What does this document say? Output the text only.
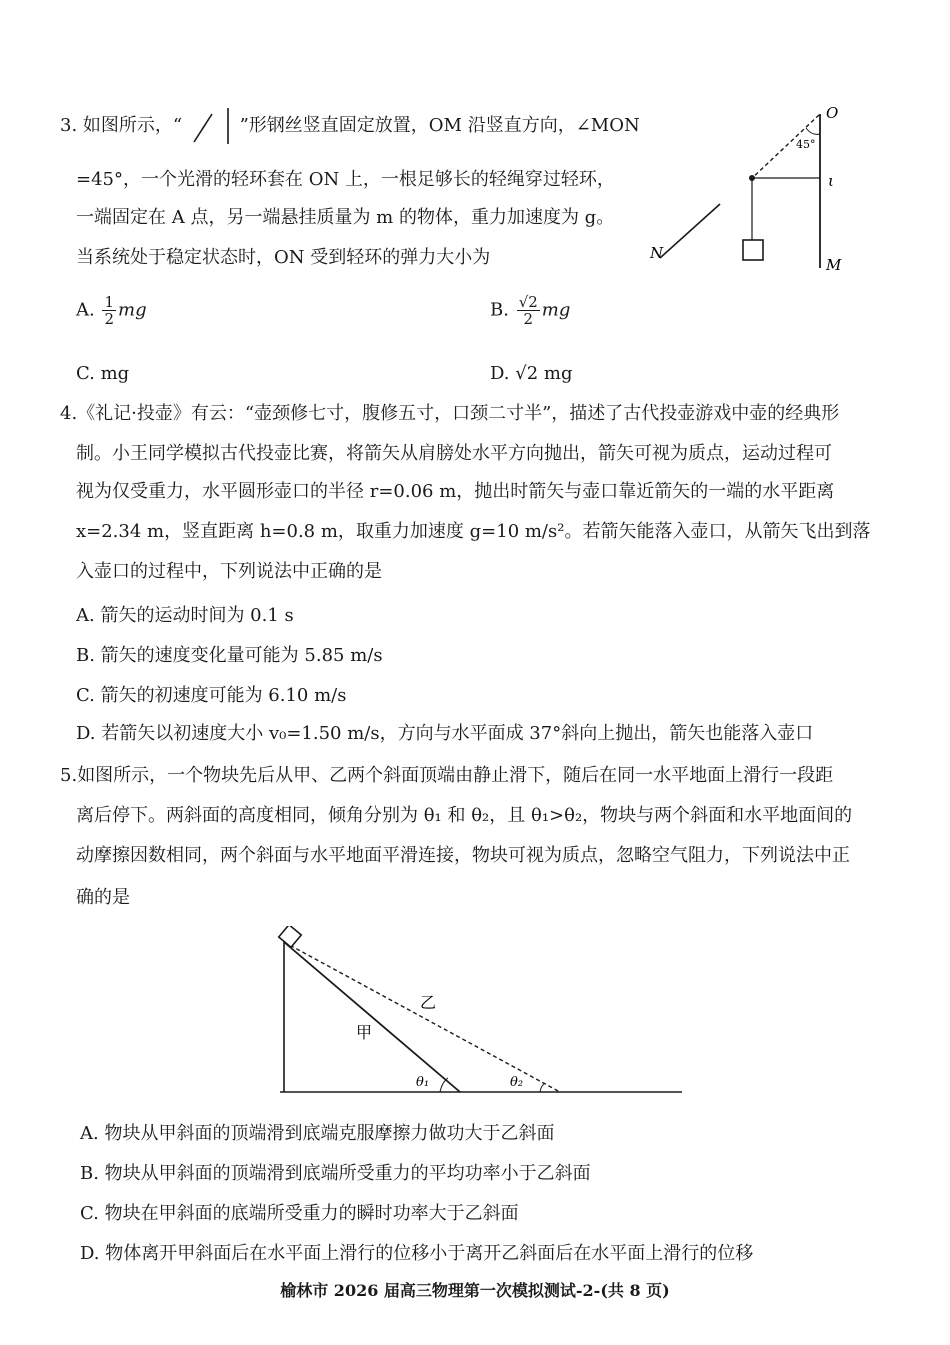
3. 如图所示，“	”形钢丝竖直固定放置，OM 沿竖直方向，∠MON
=45°，一个光滑的轻环套在 ON 上，一根足够长的轻绳穿过轻环，
一端固定在 A 点，另一端悬挂质量为 m 的物体，重力加速度为 g。
当系统处于稳定状态时，ON 受到轻环的弹力大小为
O
45°
ι
N
M
A. $\frac{1}{2}$ mg	B. $\frac{√2}{2}$ mg
C. mg	D. √2 mg
4.《礼记·投壶》有云：“壶颈修七寸，腹修五寸，口颈二寸半”，描述了古代投壶游戏中壶的经典形
制。小王同学模拟古代投壶比赛，将箭矢从肩膀处水平方向抛出，箭矢可视为质点，运动过程可
视为仅受重力，水平圆形壶口的半径 r=0.06 m，抛出时箭矢与壶口靠近箭矢的一端的水平距离
x=2.34 m，竖直距离 h=0.8 m，取重力加速度 g=10 m/s²。若箭矢能落入壶口，从箭矢飞出到落
入壶口的过程中，下列说法中正确的是
A. 箭矢的运动时间为 0.1 s
B. 箭矢的速度变化量可能为 5.85 m/s
C. 箭矢的初速度可能为 6.10 m/s
D. 若箭矢以初速度大小 v₀=1.50 m/s，方向与水平面成 37°斜向上抛出，箭矢也能落入壶口
5.如图所示，一个物块先后从甲、乙两个斜面顶端由静止滑下，随后在同一水平地面上滑行一段距
离后停下。两斜面的高度相同，倾角分别为 θ₁ 和 θ₂，且 θ₁>θ₂，物块与两个斜面和水平地面间的
动摩擦因数相同，两个斜面与水平地面平滑连接，物块可视为质点，忽略空气阻力，下列说法中正
确的是
甲
乙
θ₁	θ₂
A. 物块从甲斜面的顶端滑到底端克服摩擦力做功大于乙斜面
B. 物块从甲斜面的顶端滑到底端所受重力的平均功率小于乙斜面
C. 物块在甲斜面的底端所受重力的瞬时功率大于乙斜面
D. 物体离开甲斜面后在水平面上滑行的位移小于离开乙斜面后在水平面上滑行的位移
榆林市 2026 届高三物理第一次模拟测试-2-(共 8 页)
